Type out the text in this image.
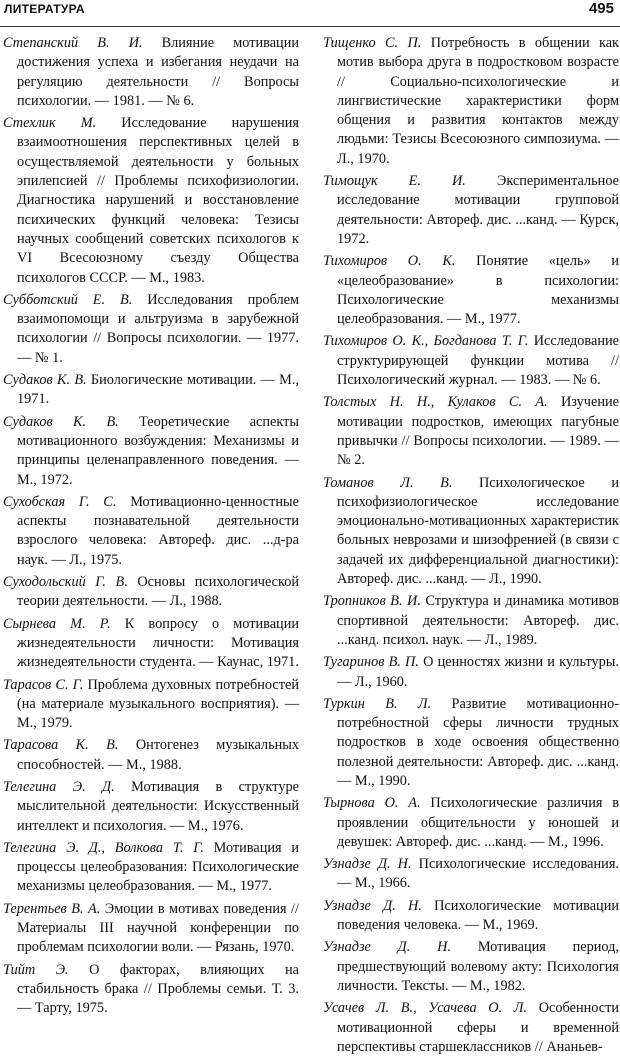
ЛИТЕРАТУРА	495

Степанский В. И. Влияние мотивации достижения успеха и избегания неудачи на регуляцию деятельности // Вопросы психологии. — 1981. — № 6.

Стехлик М. Исследование нарушения взаимоотношения перспективных целей в осуществляемой деятельности у больных эпилепсией // Проблемы психофизиологии. Диагностика нарушений и восстановление психических функций человека: Тезисы научных сообщений советских психологов к VI Всесоюзному съезду Общества психологов СССР. — М., 1983.

Субботский Е. В. Исследования проблем взаимопомощи и альтруизма в зарубежной психологии // Вопросы психологии. — 1977. — № 1.

Судаков К. В. Биологические мотивации. — М., 1971.

Судаков К. В. Теоретические аспекты мотивационного возбуждения: Механизмы и принципы целенаправленного поведения. — М., 1972.

Сухобская Г. С. Мотивационно-ценностные аспекты познавательной деятельности взрослого человека: Автореф. дис. ...д-ра наук. — Л., 1975.

Суходольский Г. В. Основы психологической теории деятельности. — Л., 1988.

Сырнева М. Р. К вопросу о мотивации жизнедеятельности личности: Мотивация жизнедеятельности студента. — Каунас, 1971.

Тарасов С. Г. Проблема духовных потребностей (на материале музыкального восприятия). — М., 1979.

Тарасова К. В. Онтогенез музыкальных способностей. — М., 1988.

Телегина Э. Д. Мотивация в структуре мыслительной деятельности: Искусственный интеллект и психология. — М., 1976.

Телегина Э. Д., Волкова Т. Г. Мотивация и процессы целеобразования: Психологические механизмы целеобразования. — М., 1977.

Терентьев В. А. Эмоции в мотивах поведения // Материалы III научной конференции по проблемам психологии воли. — Рязань, 1970.

Тийт Э. О факторах, влияющих на стабильность брака // Проблемы семьи. Т. 3. — Тарту, 1975.

Тищенко С. П. Потребность в общении как мотив выбора друга в подростковом возрасте // Социально-психологические и лингвистические характеристики форм общения и развития контактов между людьми: Тезисы Всесоюзного симпозиума. — Л., 1970.

Тимощук Е. И. Экспериментальное исследование мотивации групповой деятельности: Автореф. дис. ...канд. — Курск, 1972.

Тихомиров О. К. Понятие «цель» и «целеобразование» в психологии: Психологические механизмы целеобразования. — М., 1977.

Тихомиров О. К., Богданова Т. Г. Исследование структурирующей функции мотива // Психологический журнал. — 1983. — № 6.

Толстых Н. Н., Кулаков С. А. Изучение мотивации подростков, имеющих пагубные привычки // Вопросы психологии. — 1989. — № 2.

Томанов Л. В. Психологическое и психофизиологическое исследование эмоционально-мотивационных характеристик больных неврозами и шизофренией (в связи с задачей их дифференциальной диагностики): Автореф. дис. ...канд. — Л., 1990.

Тропников В. И. Структура и динамика мотивов спортивной деятельности: Автореф. дис. ...канд. психол. наук. — Л., 1989.

Тугаринов В. П. О ценностях жизни и культуры. — Л., 1960.

Туркин В. Л. Развитие мотивационно-потребностной сферы личности трудных подростков в ходе освоения общественно полезной деятельности: Автореф. дис. ...канд. — М., 1990.

Тырнова О. А. Психологические различия в проявлении общительности у юношей и девушек: Автореф. дис. ...канд. — М., 1996.

Узнадзе Д. Н. Психологические исследования. — М., 1966.

Узнадзе Д. Н. Психологические мотивации поведения человека. — М., 1969.

Узнадзе Д. Н. Мотивация период, предшествующий волевому акту: Психология личности. Тексты. — М., 1982.

Усачев Л. В., Усачева О. Л. Особенности мотивационной сферы и временной перспективы старшеклассников // Ананьев-
